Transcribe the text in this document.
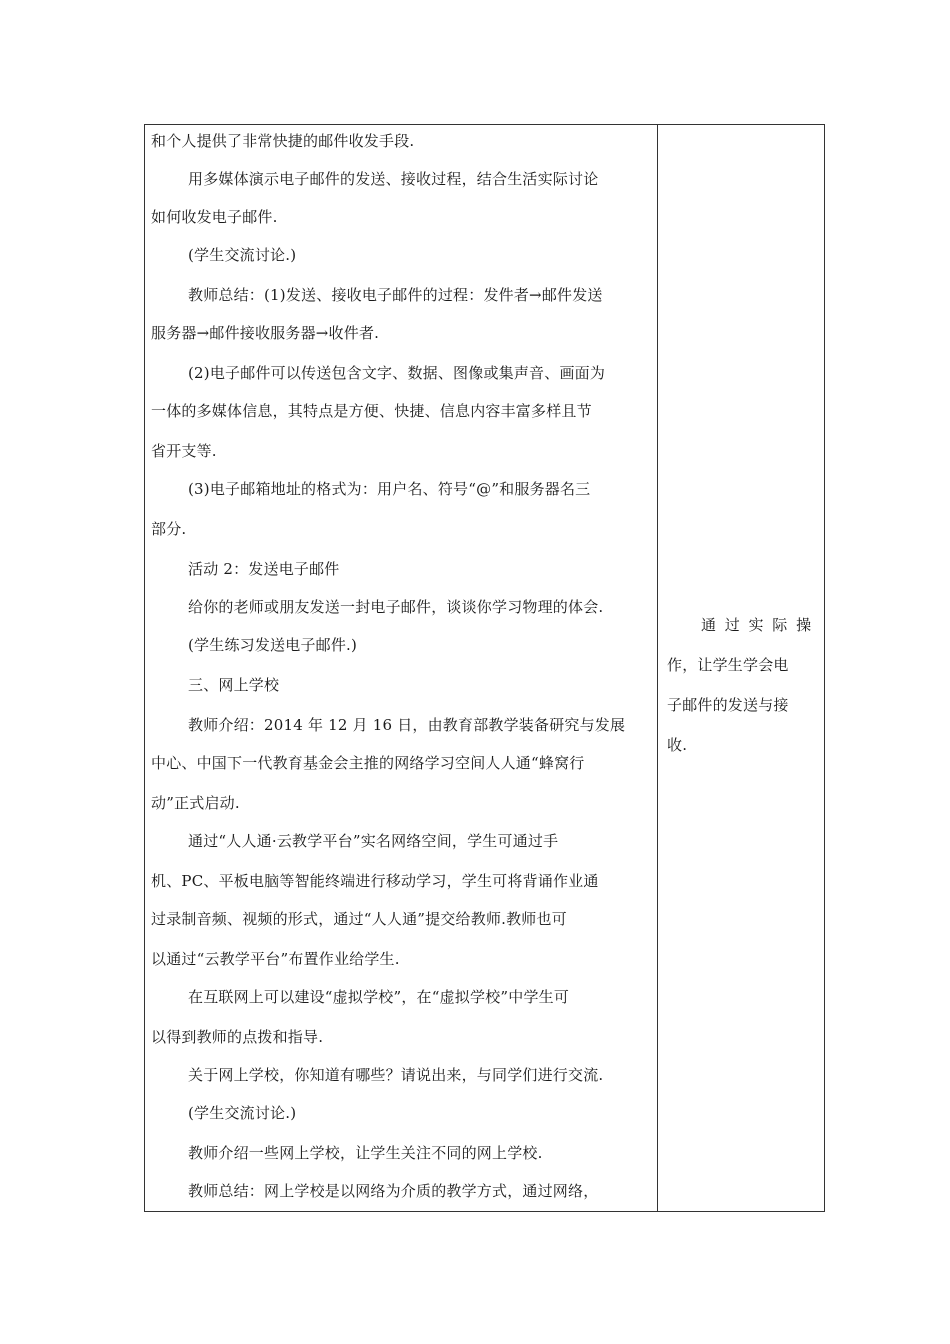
和个人提供了非常快捷的邮件收发手段.
用多媒体演示电子邮件的发送、接收过程，结合生活实际讨论
如何收发电子邮件.
(学生交流讨论.)
教师总结：(1)发送、接收电子邮件的过程：发件者→邮件发送
服务器→邮件接收服务器→收件者.
(2)电子邮件可以传送包含文字、数据、图像或集声音、画面为
一体的多媒体信息，其特点是方便、快捷、信息内容丰富多样且节
省开支等.
(3)电子邮箱地址的格式为：用户名、符号“@”和服务器名三
部分.
活动 2：发送电子邮件
给你的老师或朋友发送一封电子邮件，谈谈你学习物理的体会.
(学生练习发送电子邮件.)
三、网上学校
教师介绍：2014 年 12 月 16 日，由教育部教学装备研究与发展
中心、中国下一代教育基金会主推的网络学习空间人人通“蜂窝行
动”正式启动.
通过“人人通·云教学平台”实名网络空间，学生可通过手
机、PC、平板电脑等智能终端进行移动学习，学生可将背诵作业通
过录制音频、视频的形式，通过“人人通”提交给教师.教师也可
以通过“云教学平台”布置作业给学生.
在互联网上可以建设“虚拟学校”，在“虚拟学校”中学生可
以得到教师的点拨和指导.
关于网上学校，你知道有哪些？请说出来，与同学们进行交流.
(学生交流讨论.)
教师介绍一些网上学校，让学生关注不同的网上学校.
教师总结：网上学校是以网络为介质的教学方式，通过网络，
通 过 实 际 操
作，让学生学会电
子邮件的发送与接
收.
